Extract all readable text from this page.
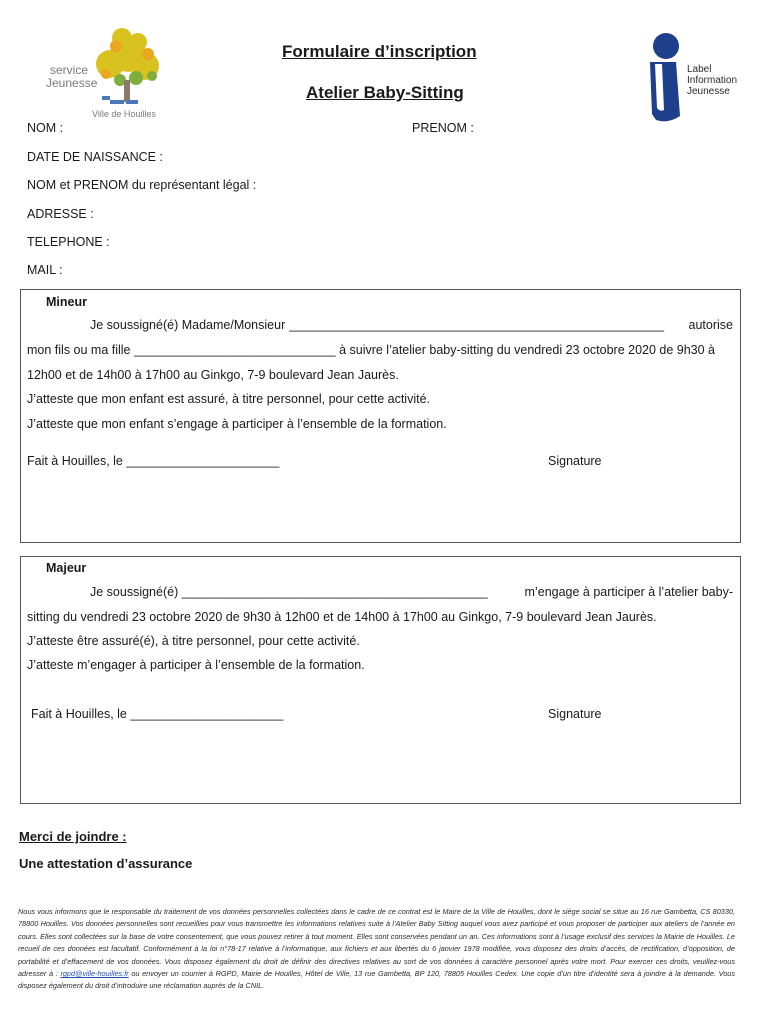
service
Jeunesse
Ville de Houilles
Label
Information
Jeunesse
Formulaire d’inscription
Atelier Baby-Sitting
NOM :	PRENOM :
DATE DE NAISSANCE :
NOM et PRENOM du représentant légal :
ADRESSE :
TELEPHONE :
MAIL :
Mineur
Je soussigné(é) Madame/Monsieur ______________________________________________________	autorise
mon fils ou ma fille _____________________________ à suivre l’atelier baby-sitting du vendredi 23 octobre 2020 de 9h30 à
12h00 et de 14h00 à 17h00 au Ginkgo, 7-9 boulevard Jean Jaurès.
J’atteste que mon enfant est assuré, à titre personnel, pour cette activité.
J’atteste que mon enfant s’engage à participer à l’ensemble de la formation.
Fait à Houilles, le ______________________	Signature
Majeur
Je soussigné(é) ____________________________________________	m’engage à participer à l’atelier baby-
sitting du vendredi 23 octobre 2020 de 9h30 à 12h00 et de 14h00 à 17h00 au Ginkgo, 7-9 boulevard Jean Jaurès.
J’atteste être assuré(é), à titre personnel, pour cette activité.
J’atteste m’engager à participer à l’ensemble de la formation.
Fait à Houilles, le ______________________	Signature
Merci de joindre :
Une attestation d’assurance
Nous vous informons que le responsable du traitement de vos données personnelles collectées dans le cadre de ce contrat est le Maire de la Ville de Houilles, dont le siège social se situe au 16 rue Gambetta, CS 80330, 78800 Houilles. Vos données personnelles sont recueillies pour vous transmettre les informations relatives suite à l’Atelier Baby Sitting auquel vous avez participé et vous proposer de participer aux ateliers de l’année en cours. Elles sont collectées sur la base de votre consentement, que vous pouvez retirer à tout moment. Elles sont conservées pendant un an. Ces informations sont à l’usage exclusif des services la Mairie de Houilles. Le recueil de ces données est facultatif. Conformément à la loi n°78-17 relative à l’informatique, aux fichiers et aux libertés du 6 janvier 1978 modifiée, vous disposez des droits d’accès, de rectification, d’opposition, de portabilité et d’effacement de vos données. Vous disposez également du droit de définir des directives relatives au sort de vos données à caractère personnel après votre mort. Pour exercer ces droits, veuillez-vous adresser à : rgpd@ville-houilles.fr ou envoyer un courrier à RGPD, Mairie de Houilles, Hôtel de Ville, 13 rue Gambetta, BP 120, 78805 Houilles Cedex. Une copie d’un titre d’identité sera à joindre à la demande. Vous disposez également du droit d’introduire une réclamation auprès de la CNIL.
